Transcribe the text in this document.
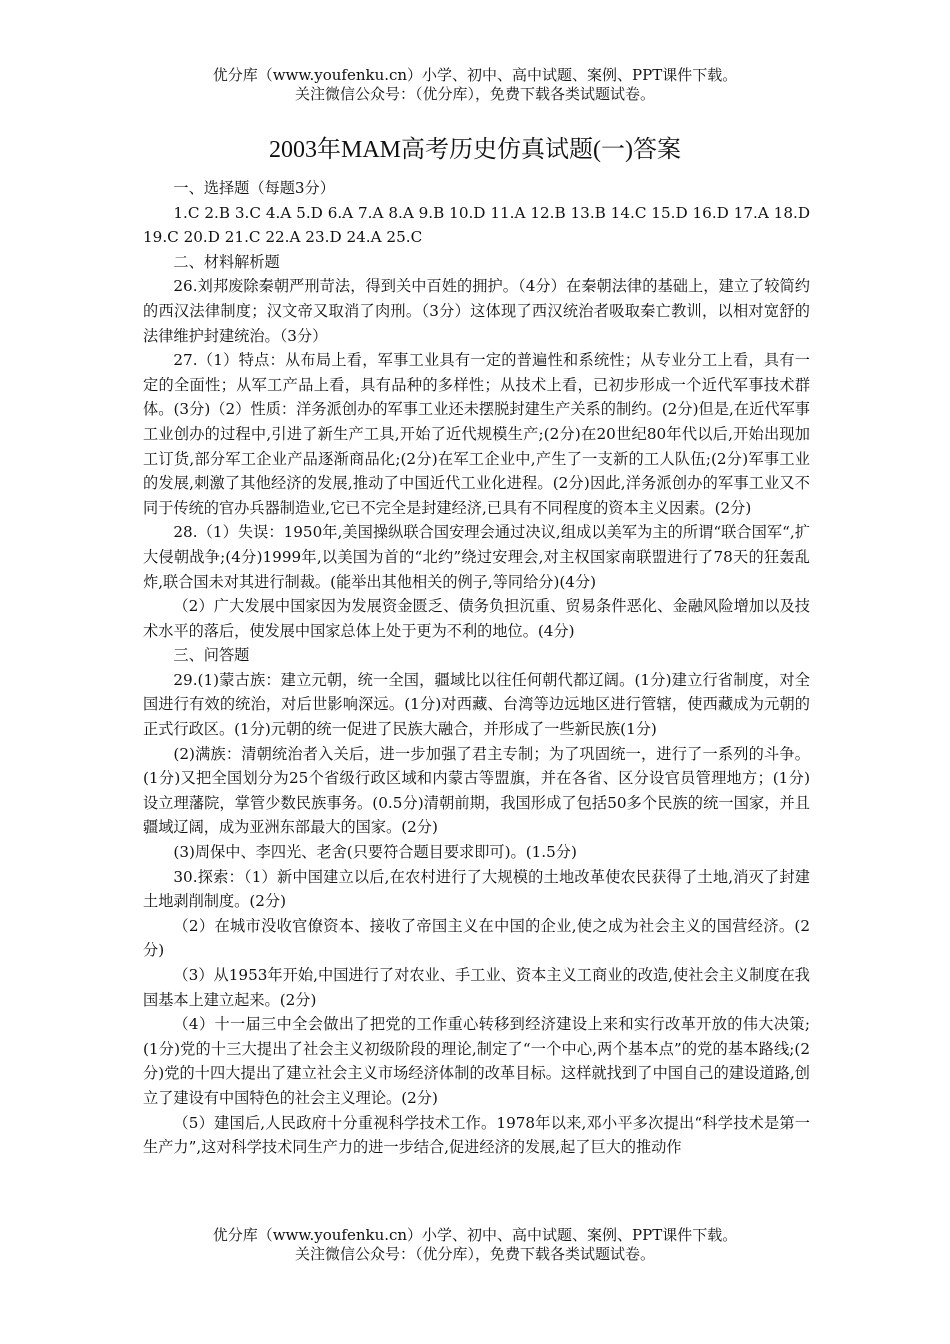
优分库（www.youfenku.cn）小学、初中、高中试题、案例、PPT课件下载。
关注微信公众号：（优分库），免费下载各类试题试卷。
2003年MAM高考历史仿真试题(一)答案

一、选择题（每题3分）

1.C 2.B 3.C 4.A 5.D 6.A 7.A 8.A 9.B 10.D 11.A 12.B 13.B 14.C 15.D 16.D 17.A 18.D 19.C 20.D 21.C 22.A 23.D 24.A 25.C

二、材料解析题

26.刘邦废除秦朝严刑苛法，得到关中百姓的拥护。（4分）在秦朝法律的基础上，建立了较简约的西汉法律制度；汉文帝又取消了肉刑。（3分）这体现了西汉统治者吸取秦亡教训，以相对宽舒的法律维护封建统治。（3分）

27.（1）特点：从布局上看，军事工业具有一定的普遍性和系统性；从专业分工上看，具有一定的全面性；从军工产品上看，具有品种的多样性；从技术上看，已初步形成一个近代军事技术群体。(3分)（2）性质：洋务派创办的军事工业还未摆脱封建生产关系的制约。(2分)但是,在近代军事工业创办的过程中,引进了新生产工具,开始了近代规模生产;(2分)在20世纪80年代以后,开始出现加工订货,部分军工企业产品逐渐商品化;(2分)在军工企业中,产生了一支新的工人队伍;(2分)军事工业的发展,刺激了其他经济的发展,推动了中国近代工业化进程。(2分)因此,洋务派创办的军事工业又不同于传统的官办兵器制造业,它已不完全是封建经济,已具有不同程度的资本主义因素。(2分)

28.（1）失误：1950年,美国操纵联合国安理会通过决议,组成以美军为主的所谓“联合国军“,扩大侵朝战争;(4分)1999年,以美国为首的“北约”绕过安理会,对主权国家南联盟进行了78天的狂轰乱炸,联合国未对其进行制裁。(能举出其他相关的例子,等同给分)(4分)

（2）广大发展中国家因为发展资金匮乏、债务负担沉重、贸易条件恶化、金融风险增加以及技术水平的落后，使发展中国家总体上处于更为不利的地位。(4分)

三、问答题

29.(1)蒙古族：建立元朝，统一全国，疆域比以往任何朝代都辽阔。(1分)建立行省制度，对全国进行有效的统治，对后世影响深远。(1分)对西藏、台湾等边远地区进行管辖，使西藏成为元朝的正式行政区。(1分)元朝的统一促进了民族大融合，并形成了一些新民族(1分)

(2)满族：清朝统治者入关后，进一步加强了君主专制；为了巩固统一，进行了一系列的斗争。(1分)又把全国划分为25个省级行政区域和内蒙古等盟旗，并在各省、区分设官员管理地方；(1分)设立理藩院，掌管少数民族事务。(0.5分)清朝前期，我国形成了包括50多个民族的统一国家，并且疆域辽阔，成为亚洲东部最大的国家。(2分)

(3)周保中、李四光、老舍(只要符合题目要求即可)。(1.5分)

30.探索：（1）新中国建立以后,在农村进行了大规模的土地改革使农民获得了土地,消灭了封建土地剥削制度。(2分)

（2）在城市没收官僚资本、接收了帝国主义在中国的企业,使之成为社会主义的国营经济。(2分)

（3）从1953年开始,中国进行了对农业、手工业、资本主义工商业的改造,使社会主义制度在我国基本上建立起来。(2分)

（4）十一届三中全会做出了把党的工作重心转移到经济建设上来和实行改革开放的伟大决策;(1分)党的十三大提出了社会主义初级阶段的理论,制定了“一个中心,两个基本点”的党的基本路线;(2分)党的十四大提出了建立社会主义市场经济体制的改革目标。这样就找到了中国自己的建设道路,创立了建设有中国特色的社会主义理论。(2分)

（5）建国后,人民政府十分重视科学技术工作。1978年以来,邓小平多次提出“科学技术是第一生产力”,这对科学技术同生产力的进一步结合,促进经济的发展,起了巨大的推动作

优分库（www.youfenku.cn）小学、初中、高中试题、案例、PPT课件下载。
关注微信公众号：（优分库），免费下载各类试题试卷。
